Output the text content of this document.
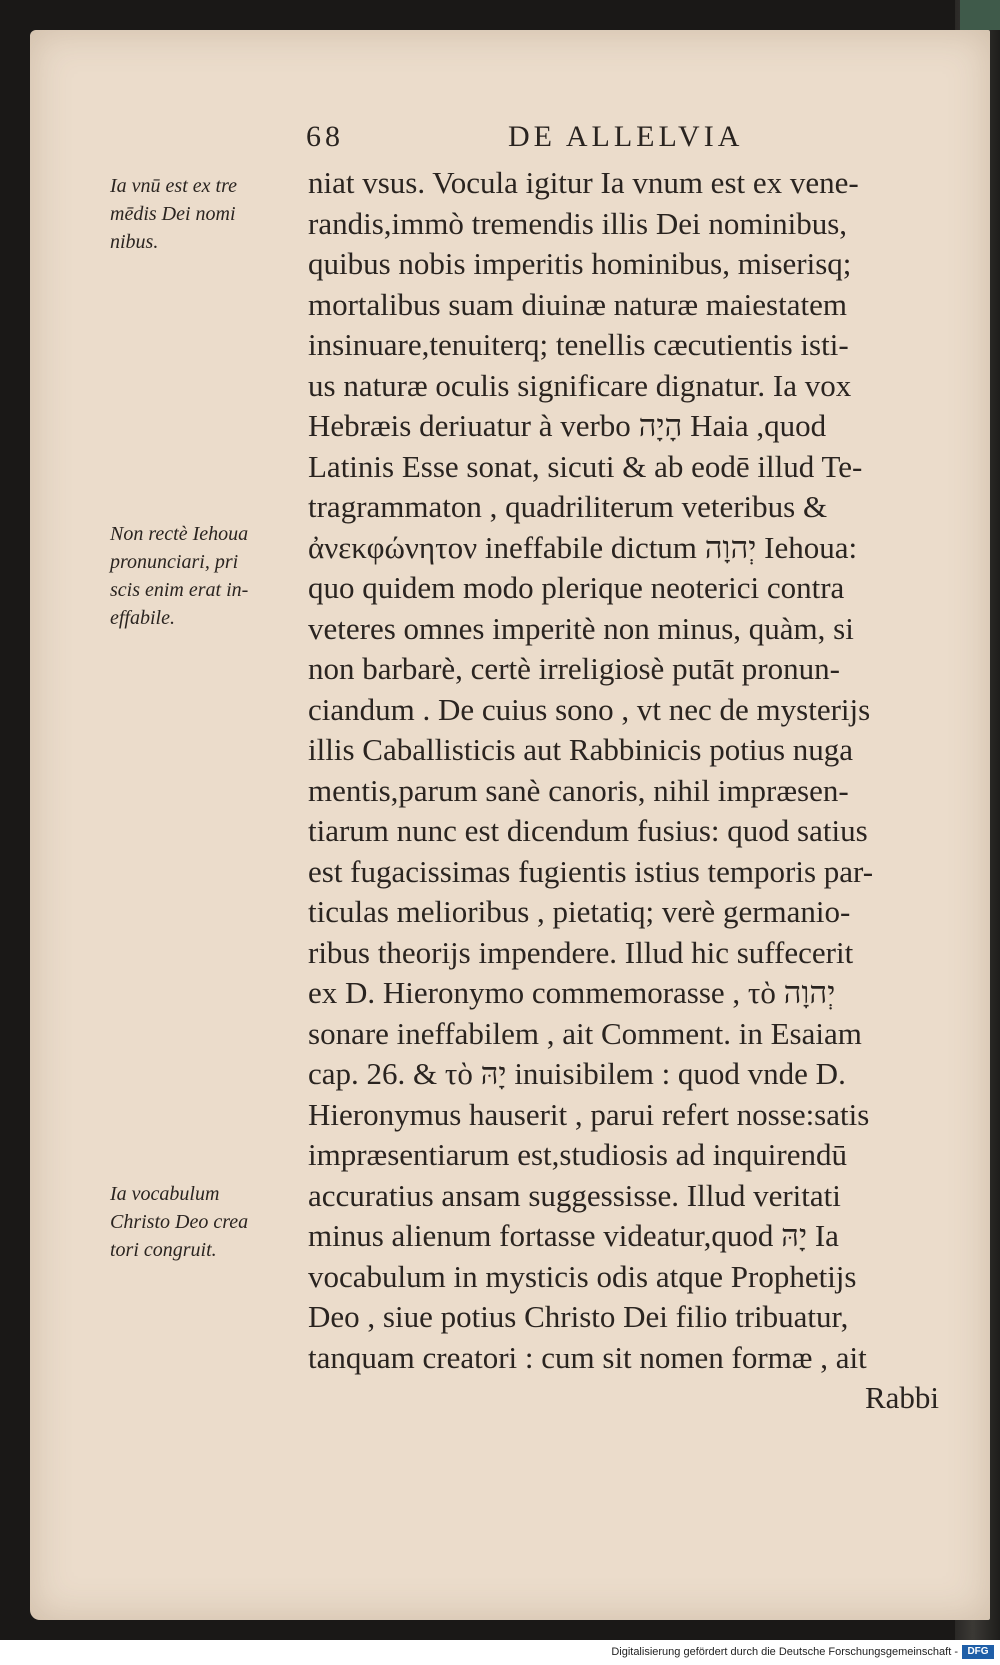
68	DE ALLELVIA
Ia vnū est ex tre
mēdis Dei nomi
nibus.
Non rectè Iehoua
pronunciari, pri
scis enim erat in-
effabile.
Ia vocabulum
Christo Deo crea
tori congruit.
niat vsus. Vocula igitur Ia vnum est ex vene-
randis,immò tremendis illis Dei nominibus,
quibus nobis imperitis hominibus, miserisq;
mortalibus suam diuinæ naturæ maiestatem
insinuare,tenuiterq; tenellis cæcutientis isti-
us naturæ oculis significare dignatur. Ia vox
Hebræis deriuatur à verbo הָיָה Haia ,quod
Latinis Esse sonat, sicuti & ab eodē illud Te-
tragrammaton , quadriliterum veteribus &
ἀνεκφώνητον ineffabile dictum יְהוָה Iehoua:
quo quidem modo plerique neoterici contra
veteres omnes imperitè non minus, quàm, si
non barbarè, certè irreligiosè putāt pronun-
ciandum . De cuius sono , vt nec de mysterijs
illis Caballisticis aut Rabbinicis potius nuga
mentis,parum sanè canoris, nihil impræsen-
tiarum nunc est dicendum fusius: quod satius
est fugacissimas fugientis istius temporis par-
ticulas melioribus , pietatiq; verè germanio-
ribus theorijs impendere. Illud hic suffecerit
ex D. Hieronymo commemorasse , τὸ יְהוָה
sonare ineffabilem , ait Comment. in Esaiam
cap. 26. & τὸ יָהּ inuisibilem : quod vnde D.
Hieronymus hauserit , parui refert nosse:satis
impræsentiarum est,studiosis ad inquirendū
accuratius ansam suggessisse. Illud veritati
minus alienum fortasse videatur,quod יָהּ Ia
vocabulum in mysticis odis atque Prophetijs
Deo , siue potius Christo Dei filio tribuatur,
tanquam creatori : cum sit nomen formæ , ait
Rabbi
Digitalisierung gefördert durch die Deutsche Forschungsgemeinschaft - DFG
